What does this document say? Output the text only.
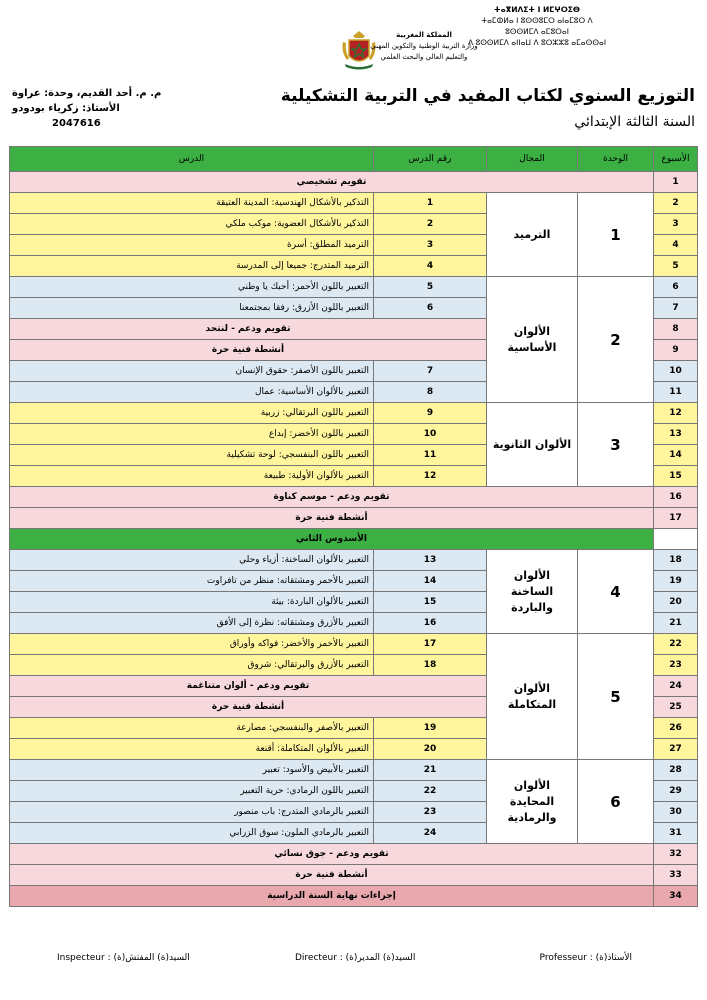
ⵜⴰⴳⵍⴷⵉⵜ ⵏ ⵍⵎⵖⵔⵉⴱ
ⵜⴰⵎⵀⵍⴰ ⵏ ⵓⵙⵙⵓⵎⵔ ⴰⵏⴰⵎⵓⵔ ⴷ ⵓⵙⵙⵍⵎⴷ ⴰⵎⵓⵔⴰⵏ
ⴷ ⵓⵙⵙⵍⵎⴷ ⴰⵏⵏⴰⵡ ⴷ ⵓⵔⵣⵣⵓ ⴰⵎⴰⵙⵙⴰⵏ
المملكة المغربية
وزارة التربية الوطنية والتكوين المهني
والتعليم العالي والبحث العلمي
التوزيع السنوي لكتاب المفيد في التربية التشكيلية
السنة الثالثة الإبتدائي
م. م. أحد القديم، وحدة: عراوة
الأستاذ: زكرياء بودودو
2047616
الأسبوع	الوحدة	المجال	رقم الدرس	الدرس
1	تقويم تشخيصي			
2	1	الترميد	1	التذكير بالأشكال الهندسية: المدينة العتيقة
3			2	التذكير بالأشكال العضوية: موكب ملكي
4			3	الترميد المطلق: أسرة
5			4	الترميد المتدرج: جميعا إلى المدرسة
6	2	الألوان الأساسية	5	التعبير باللون الأحمر: أحبك يا وطني
7			6	التعبير باللون الأزرق: رفقا بمجتمعنا
8			تقويم ودعم - لنتحد	
9			أنشطة فنية حرة	
10			7	التعبير باللون الأصفر: حقوق الإنسان
11			8	التعبير بالألوان الأساسية: عمال
12	3	الألوان الثانوية	9	التعبير باللون البرتقالي: زربية
13			10	التعبير باللون الأخضر: إبداع
14			11	التعبير باللون البنفسجي: لوحة تشكيلية
15			12	التعبير بالألوان الأولية: طبيعة
16	تقويم ودعم - موسم كناوة			
17	أنشطة فنية حرة			
	الأسدوس الثاني			
18	4	الألوان الساخنة والباردة	13	التعبير بالألوان الساخنة: أزياء وحلي
19			14	التعبير بالأحمر ومشتقاته: منظر من تافراوت
20			15	التعبير بالألوان الباردة: بيئة
21			16	التعبير بالأزرق ومشتقاته: نظرة إلى الأفق
22	5	الألوان المتكاملة	17	التعبير بالأحمر والأخضر: فواكه وأوراق
23			18	التعبير بالأزرق والبرتقالي: شروق
24			تقويم ودعم - ألوان متناغمة	
25			أنشطة فنية حرة	
26			19	التعبير بالأصفر والبنفسجي: مصارعة
27			20	التعبير بالألوان المتكاملة: أقنعة
28	6	الألوان المحايدة والرمادية	21	التعبير بالأبيض والأسود: تعبير
29			22	التعبير باللون الرمادي: حرية التعبير
30			23	التعبير بالرمادي المتدرج: باب منصور
31			24	التعبير بالرمادي الملون: سوق الزرابي
32	تقويم ودعم - جوق نسائي			
33	أنشطة فنية حرة			
34	إجراءات نهاية السنة الدراسية			
Professeur : الأستاذ(ة)
Directeur : السيد(ة) المدير(ة)
Inspecteur : السيد(ة) المفتش(ة)
